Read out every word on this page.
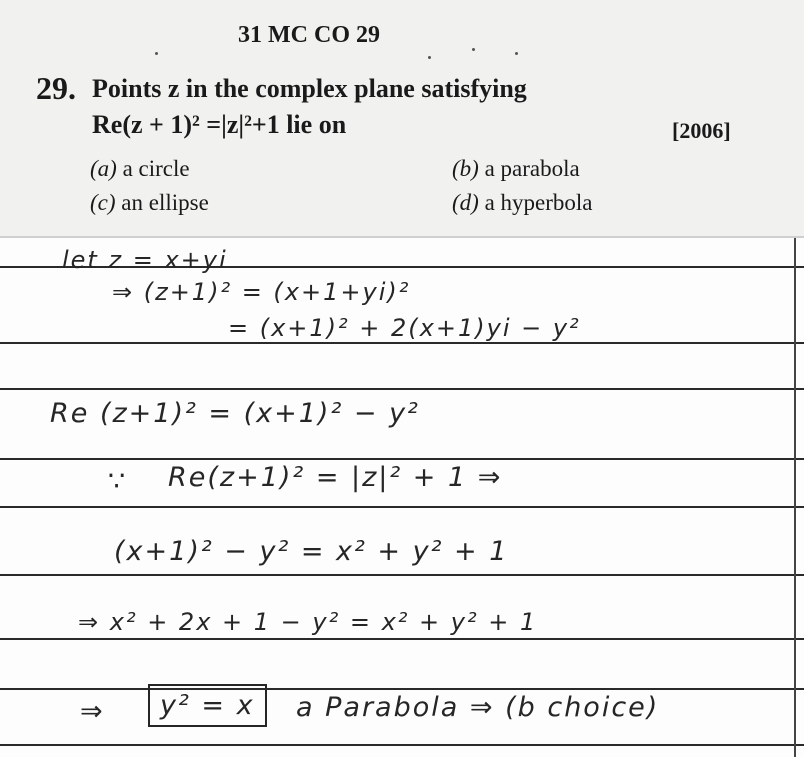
31 MC CO 29
29. Points z in the complex plane satisfying
Re(z + 1)² =|z|²+1 lie on	[2006]
(a) a circle	(b) a parabola
(c) an ellipse	(d) a hyperbola
let z = x+yi
⇒ (z+1)² = (x+1+yi)²
= (x+1)² + 2(x+1)yi − y²
Re (z+1)² = (x+1)² − y²
∵ Re(z+1)² = |z|² + 1 ⇒
(x+1)² − y² = x² + y² + 1
⇒ x² + 2x + 1 − y² = x² + y² + 1
⇒	y² = x	a Parabola ⇒ (b choice)
